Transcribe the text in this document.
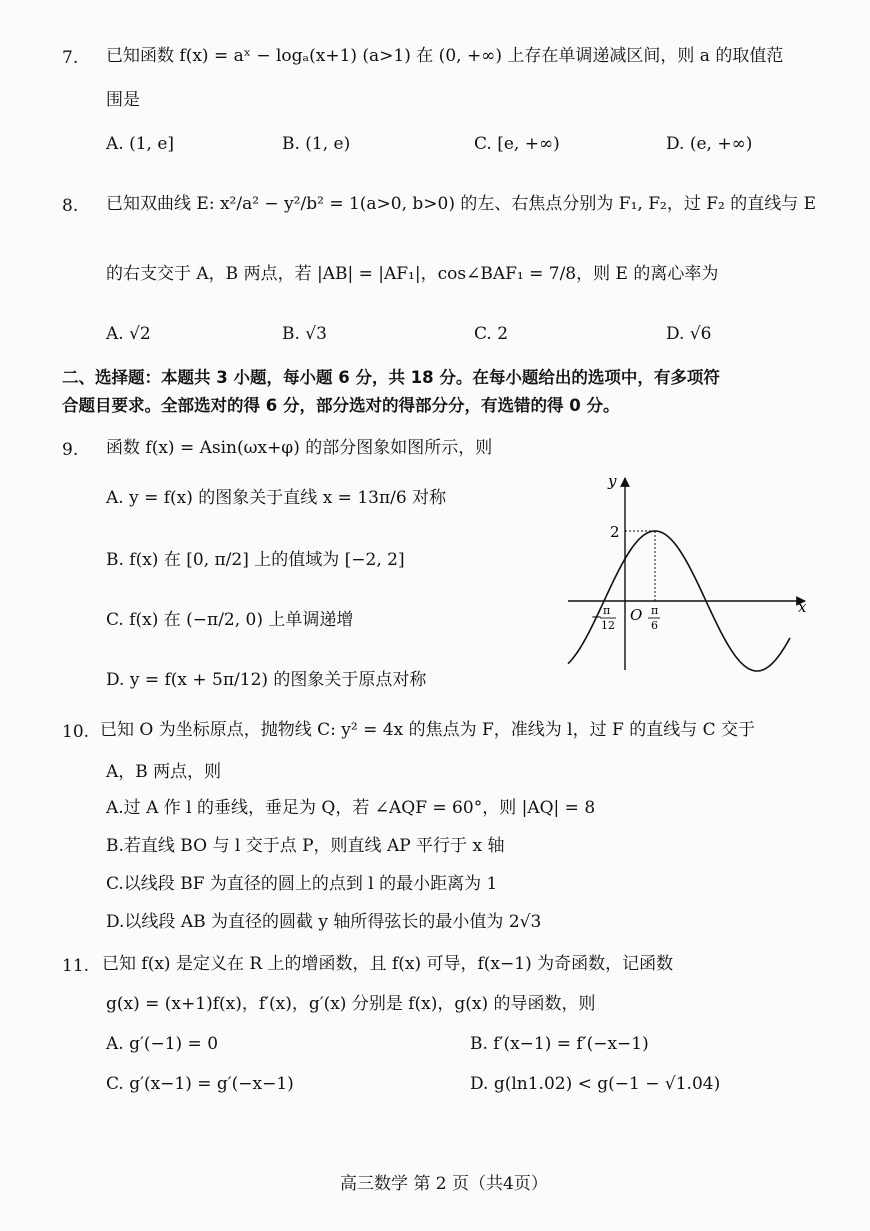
7. 已知函数 f(x) = aˣ − logₐ(x+1) (a>1) 在 (0, +∞) 上存在单调递减区间，则 a 的取值范
围是
A. (1, e]	B. (1, e)	C. [e, +∞)	D. (e, +∞)
8. 已知双曲线 E: x²/a² − y²/b² = 1(a>0, b>0) 的左、右焦点分别为 F₁, F₂，过 F₂ 的直线与 E
的右支交于 A，B 两点，若 |AB| = |AF₁|，cos∠BAF₁ = 7/8，则 E 的离心率为
A. √2	B. √3	C. 2	D. √6
二、选择题：本题共 3 小题，每小题 6 分，共 18 分。在每小题给出的选项中，有多项符
合题目要求。全部选对的得 6 分，部分选对的得部分分，有选错的得 0 分。
9. 函数 f(x) = Asin(ωx+φ) 的部分图象如图所示，则
A. y = f(x) 的图象关于直线 x = 13π/6 对称
B. f(x) 在 [0, π/2] 上的值域为 [−2, 2]
C. f(x) 在 (−π/2, 0) 上单调递增
D. y = f(x + 5π/12) 的图象关于原点对称
y
x
O
2
− π
12
π
6
10. 已知 O 为坐标原点，抛物线 C: y² = 4x 的焦点为 F，准线为 l，过 F 的直线与 C 交于
A，B 两点，则
A.过 A 作 l 的垂线，垂足为 Q，若 ∠AQF = 60°，则 |AQ| = 8
B.若直线 BO 与 l 交于点 P，则直线 AP 平行于 x 轴
C.以线段 BF 为直径的圆上的点到 l 的最小距离为 1
D.以线段 AB 为直径的圆截 y 轴所得弦长的最小值为 2√3
11. 已知 f(x) 是定义在 R 上的增函数，且 f(x) 可导，f(x−1) 为奇函数，记函数
g(x) = (x+1)f(x)，f′(x)，g′(x) 分别是 f(x)，g(x) 的导函数，则
A. g′(−1) = 0	B. f′(x−1) = f′(−x−1)
C. g′(x−1) = g′(−x−1)	D. g(ln1.02) < g(−1 − √1.04)
高三数学 第 2 页（共4页）
